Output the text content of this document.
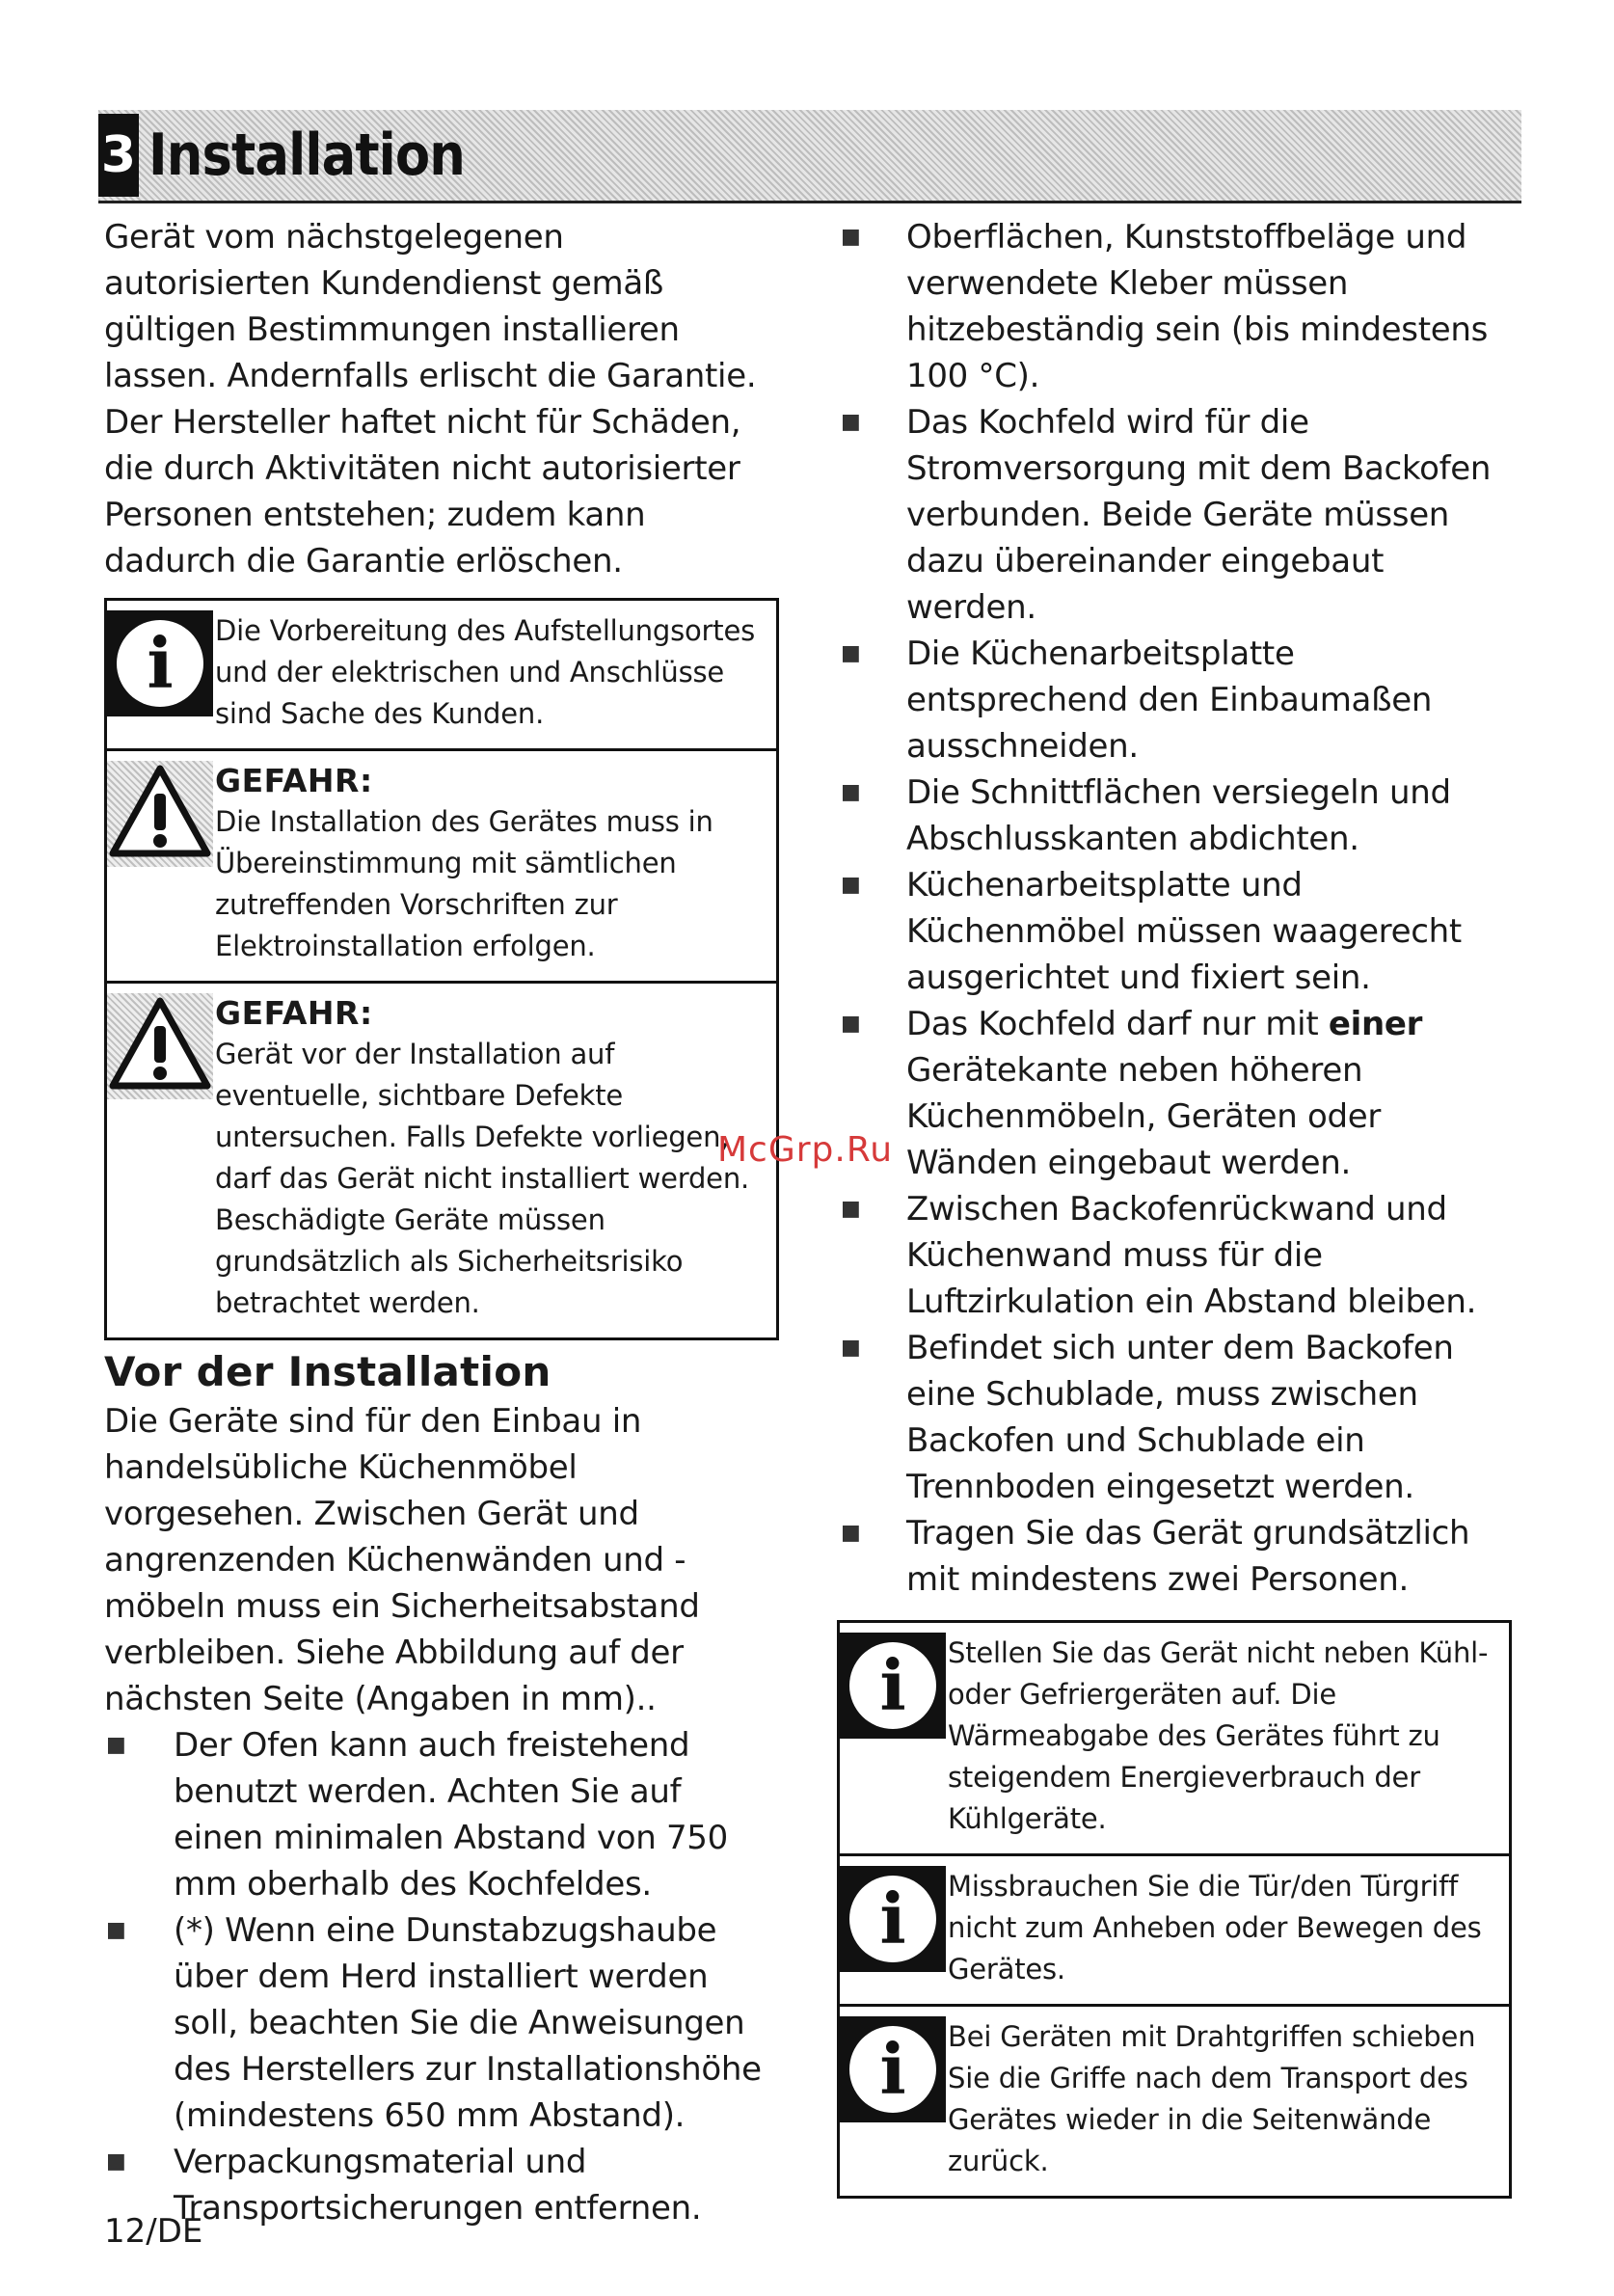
3 Installation

Gerät vom nächstgelegenen autorisierten Kundendienst gemäß gültigen Bestimmungen installieren lassen. Andernfalls erlischt die Garantie. Der Hersteller haftet nicht für Schäden, die durch Aktivitäten nicht autorisierter Personen entstehen; zudem kann dadurch die Garantie erlöschen.

i	Die Vorbereitung des Aufstellungsortes und der elektrischen und Anschlüsse sind Sache des Kunden.
GEFAHR:
Die Installation des Gerätes muss in Übereinstimmung mit sämtlichen zutreffenden Vorschriften zur Elektroinstallation erfolgen.
GEFAHR:
Gerät vor der Installation auf eventuelle, sichtbare Defekte untersuchen. Falls Defekte vorliegen, darf das Gerät nicht installiert werden.
Beschädigte Geräte müssen grundsätzlich als Sicherheitsrisiko betrachtet werden.
Vor der Installation

Die Geräte sind für den Einbau in handelsübliche Küchenmöbel vorgesehen. Zwischen Gerät und angrenzenden Küchenwänden und -möbeln muss ein Sicherheitsabstand verbleiben. Siehe Abbildung auf der nächsten Seite (Angaben in mm)..

■ Der Ofen kann auch freistehend benutzt werden. Achten Sie auf einen minimalen Abstand von 750 mm oberhalb des Kochfeldes.
■ (*) Wenn eine Dunstabzugshaube über dem Herd installiert werden soll, beachten Sie die Anweisungen des Herstellers zur Installationshöhe (mindestens 650 mm Abstand).
■ Verpackungsmaterial und Transportsicherungen entfernen.
■ Oberflächen, Kunststoffbeläge und verwendete Kleber müssen hitzebeständig sein (bis mindestens 100 °C).
■ Das Kochfeld wird für die Stromversorgung mit dem Backofen verbunden. Beide Geräte müssen dazu übereinander eingebaut werden.
■ Die Küchenarbeitsplatte entsprechend den Einbaumaßen ausschneiden.
■ Die Schnittflächen versiegeln und Abschlusskanten abdichten.
■ Küchenarbeitsplatte und Küchenmöbel müssen waagerecht ausgerichtet und fixiert sein.
■ Das Kochfeld darf nur mit einer Gerätekante neben höheren Küchenmöbeln, Geräten oder Wänden eingebaut werden.
■ Zwischen Backofenrückwand und Küchenwand muss für die Luftzirkulation ein Abstand bleiben.
■ Befindet sich unter dem Backofen eine Schublade, muss zwischen Backofen und Schublade ein Trennboden eingesetzt werden.
■ Tragen Sie das Gerät grundsätzlich mit mindestens zwei Personen.
i	Stellen Sie das Gerät nicht neben Kühl- oder Gefriergeräten auf. Die Wärmeabgabe des Gerätes führt zu steigendem Energieverbrauch der Kühlgeräte.
i	Missbrauchen Sie die Tür/den Türgriff nicht zum Anheben oder Bewegen des Gerätes.
i	Bei Geräten mit Drahtgriffen schieben Sie die Griffe nach dem Transport des Gerätes wieder in die Seitenwände zurück.
McGrp.Ru
12/DE
